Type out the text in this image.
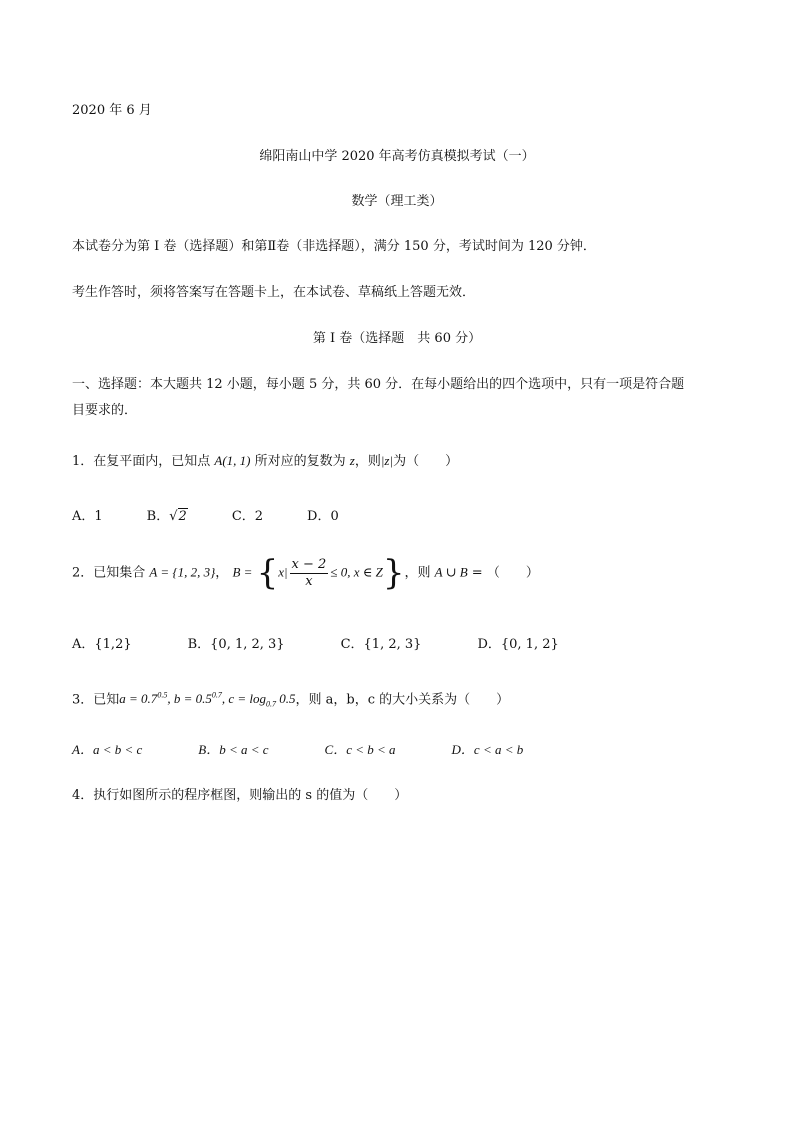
2020 年 6 月
绵阳南山中学 2020 年高考仿真模拟考试（一）
数学（理工类）
本试卷分为第 I 卷（选择题）和第Ⅱ卷（非选择题），满分 150 分，考试时间为 120 分钟．
考生作答时，须将答案写在答题卡上，在本试卷、草稿纸上答题无效．
第 I 卷（选择题　共 60 分）
一、选择题：本大题共 12 小题，每小题 5 分，共 60 分．在每小题给出的四个选项中，只有一项是符合题
目要求的．
1．在复平面内，已知点 A(1, 1) 所对应的复数为 z，则|z|为（ ）
A．1	B．√2	C．2	D．0
2．已知集合 A = {1, 2, 3}， $B = \{x| \frac{x - 2}{x} \le 0$, x ∈ Z}，则 A ∪ B = （ ）
A．{1,2}	B．{0, 1, 2, 3}	C．{1, 2, 3}	D．{0, 1, 2}
3．已知$a = 0.7^{0.5}$, $b = 0.5^{0.7}$, $c = \log_{0.7} 0.5$，则 a，b，c 的大小关系为（ ）
A．a < b < c	B．b < a < c	C．c < b < a	D．c < a < b
4．执行如图所示的程序框图，则输出的 s 的值为（ ）
